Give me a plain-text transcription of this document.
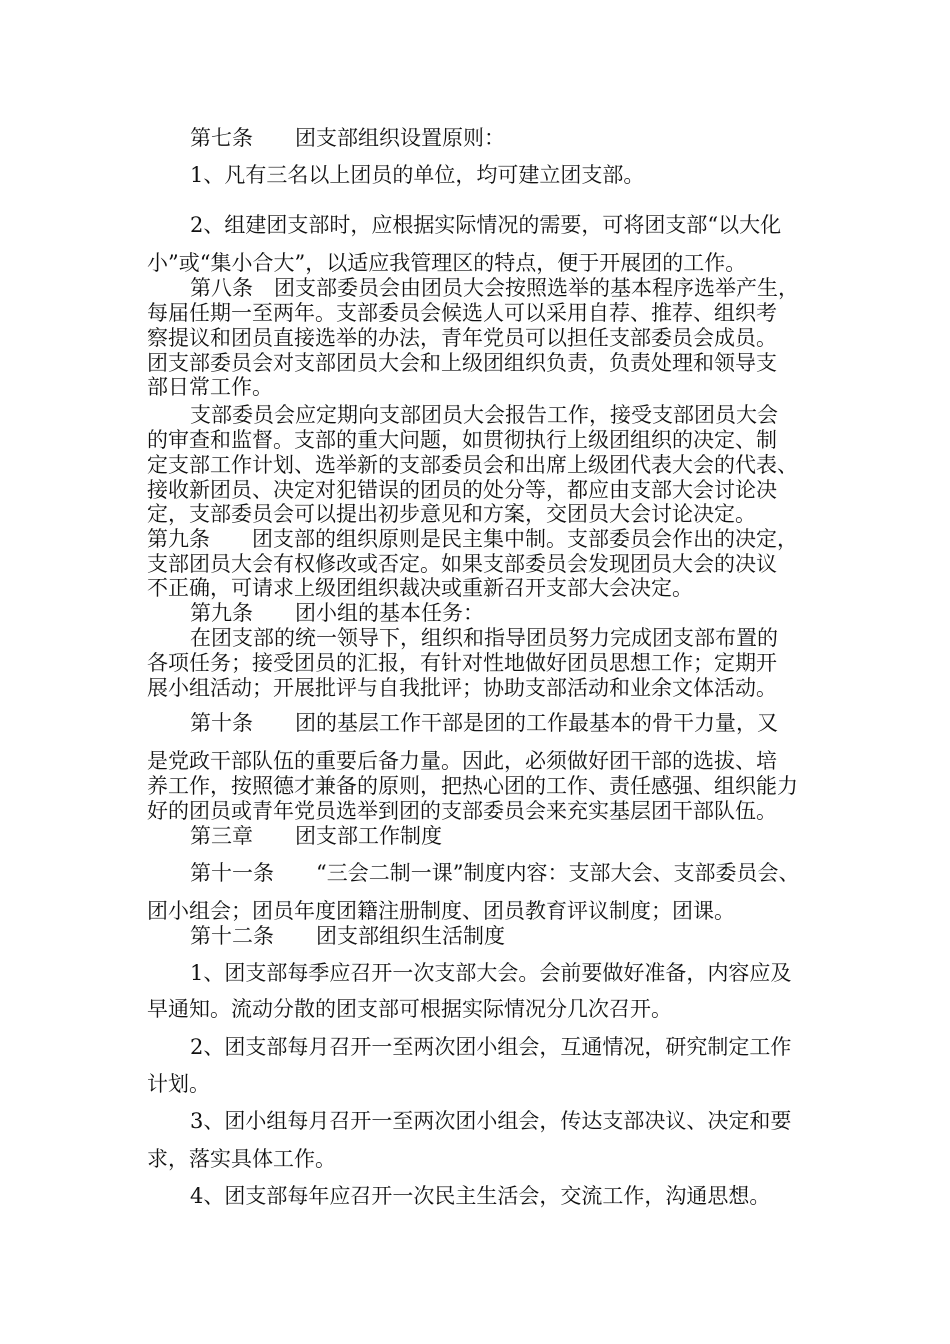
第七条　　团支部组织设置原则：

1、凡有三名以上团员的单位，均可建立团支部。

2、组建团支部时，应根据实际情况的需要，可将团支部“以大化

小”或“集小合大”，以适应我管理区的特点，便于开展团的工作。

第八条　团支部委员会由团员大会按照选举的基本程序选举产生，

每届任期一至两年。支部委员会候选人可以采用自荐、推荐、组织考

察提议和团员直接选举的办法，青年党员可以担任支部委员会成员。

团支部委员会对支部团员大会和上级团组织负责，负责处理和领导支

部日常工作。

支部委员会应定期向支部团员大会报告工作，接受支部团员大会

的审查和监督。支部的重大问题，如贯彻执行上级团组织的决定、制

定支部工作计划、选举新的支部委员会和出席上级团代表大会的代表、

接收新团员、决定对犯错误的团员的处分等，都应由支部大会讨论决

定，支部委员会可以提出初步意见和方案，交团员大会讨论决定。

第九条　　团支部的组织原则是民主集中制。支部委员会作出的决定，

支部团员大会有权修改或否定。如果支部委员会发现团员大会的决议

不正确，可请求上级团组织裁决或重新召开支部大会决定。

第九条　　团小组的基本任务：

在团支部的统一领导下，组织和指导团员努力完成团支部布置的

各项任务；接受团员的汇报，有针对性地做好团员思想工作；定期开

展小组活动；开展批评与自我批评；协助支部活动和业余文体活动。

第十条　　团的基层工作干部是团的工作最基本的骨干力量，又

是党政干部队伍的重要后备力量。因此，必须做好团干部的选拔、培

养工作，按照德才兼备的原则，把热心团的工作、责任感强、组织能力

好的团员或青年党员选举到团的支部委员会来充实基层团干部队伍。

第三章　　团支部工作制度

第十一条　　“三会二制一课”制度内容：支部大会、支部委员会、

团小组会；团员年度团籍注册制度、团员教育评议制度；团课。

第十二条　　团支部组织生活制度

1、团支部每季应召开一次支部大会。会前要做好准备，内容应及

早通知。流动分散的团支部可根据实际情况分几次召开。

2、团支部每月召开一至两次团小组会，互通情况，研究制定工作

计划。

3、团小组每月召开一至两次团小组会，传达支部决议、决定和要

求，落实具体工作。

4、团支部每年应召开一次民主生活会，交流工作，沟通思想。
